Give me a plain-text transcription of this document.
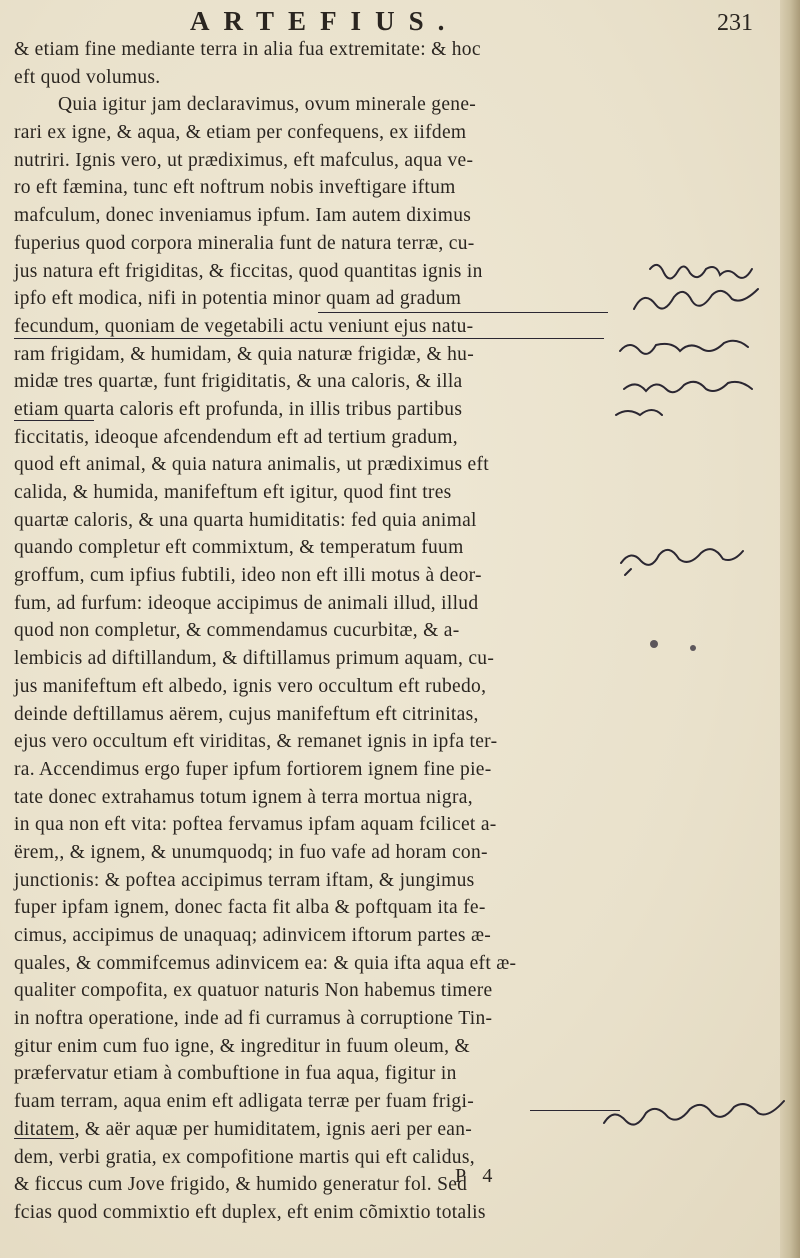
ARTEFIUS.	231
& etiam fine mediante terra in alia fua extremitate: & hoc
eft quod volumus.
Quia igitur jam declaravimus, ovum minerale gene-
rari ex igne, & aqua, & etiam per confequens, ex iifdem
nutriri. Ignis vero, ut prædiximus, eft mafculus, aqua ve-
ro eft fæmina, tunc eft noftrum nobis inveftigare iftum
mafculum, donec inveniamus ipfum. Iam autem diximus
fuperius quod corpora mineralia funt de natura terræ, cu-
jus natura eft frigiditas, & ficcitas, quod quantitas ignis in
ipfo eft modica, nifi in potentia minor quam ad gradum
fecundum, quoniam de vegetabili actu veniunt ejus natu-
ram frigidam, & humidam, & quia naturæ frigidæ, & hu-
midæ tres quartæ, funt frigiditatis, & una caloris, & illa
etiam quarta caloris eft profunda, in illis tribus partibus
ficcitatis, ideoque afcendendum eft ad tertium gradum,
quod eft animal, & quia natura animalis, ut prædiximus eft
calida, & humida, manifeftum eft igitur, quod fint tres
quartæ caloris, & una quarta humiditatis: fed quia animal
quando completur eft commixtum, & temperatum fuum
groffum, cum ipfius fubtili, ideo non eft illi motus à deor-
fum, ad furfum: ideoque accipimus de animali illud, illud
quod non completur, & commendamus cucurbitæ, & a-
lembicis ad diftillandum, & diftillamus primum aquam, cu-
jus manifeftum eft albedo, ignis vero occultum eft rubedo,
deinde deftillamus aërem, cujus manifeftum eft citrinitas,
ejus vero occultum eft viriditas, & remanet ignis in ipfa ter-
ra. Accendimus ergo fuper ipfum fortiorem ignem fine pie-
tate donec extrahamus totum ignem à terra mortua nigra,
in qua non eft vita: poftea fervamus ipfam aquam fcilicet a-
ërem,, & ignem, & unumquodq; in fuo vafe ad horam con-
junctionis: & poftea accipimus terram iftam, & jungimus
fuper ipfam ignem, donec facta fit alba & poftquam ita fe-
cimus, accipimus de unaquaq; adinvicem iftorum partes æ-
quales, & commifcemus adinvicem ea: & quia ifta aqua eft æ-
qualiter compofita, ex quatuor naturis Non habemus timere
in noftra operatione, inde ad fi curramus à corruptione Tin-
gitur enim cum fuo igne, & ingreditur in fuum oleum, &
præfervatur etiam à combuftione in fua aqua, figitur in
fuam terram, aqua enim eft adligata terræ per fuam frigi-
ditatem, & aër aquæ per humiditatem, ignis aeri per ean-
dem, verbi gratia, ex compofitione martis qui eft calidus,
& ficcus cum Jove frigido, & humido generatur fol. Sed
fcias quod commixtio eft duplex, eft enim cõmixtio totalis
P 4
